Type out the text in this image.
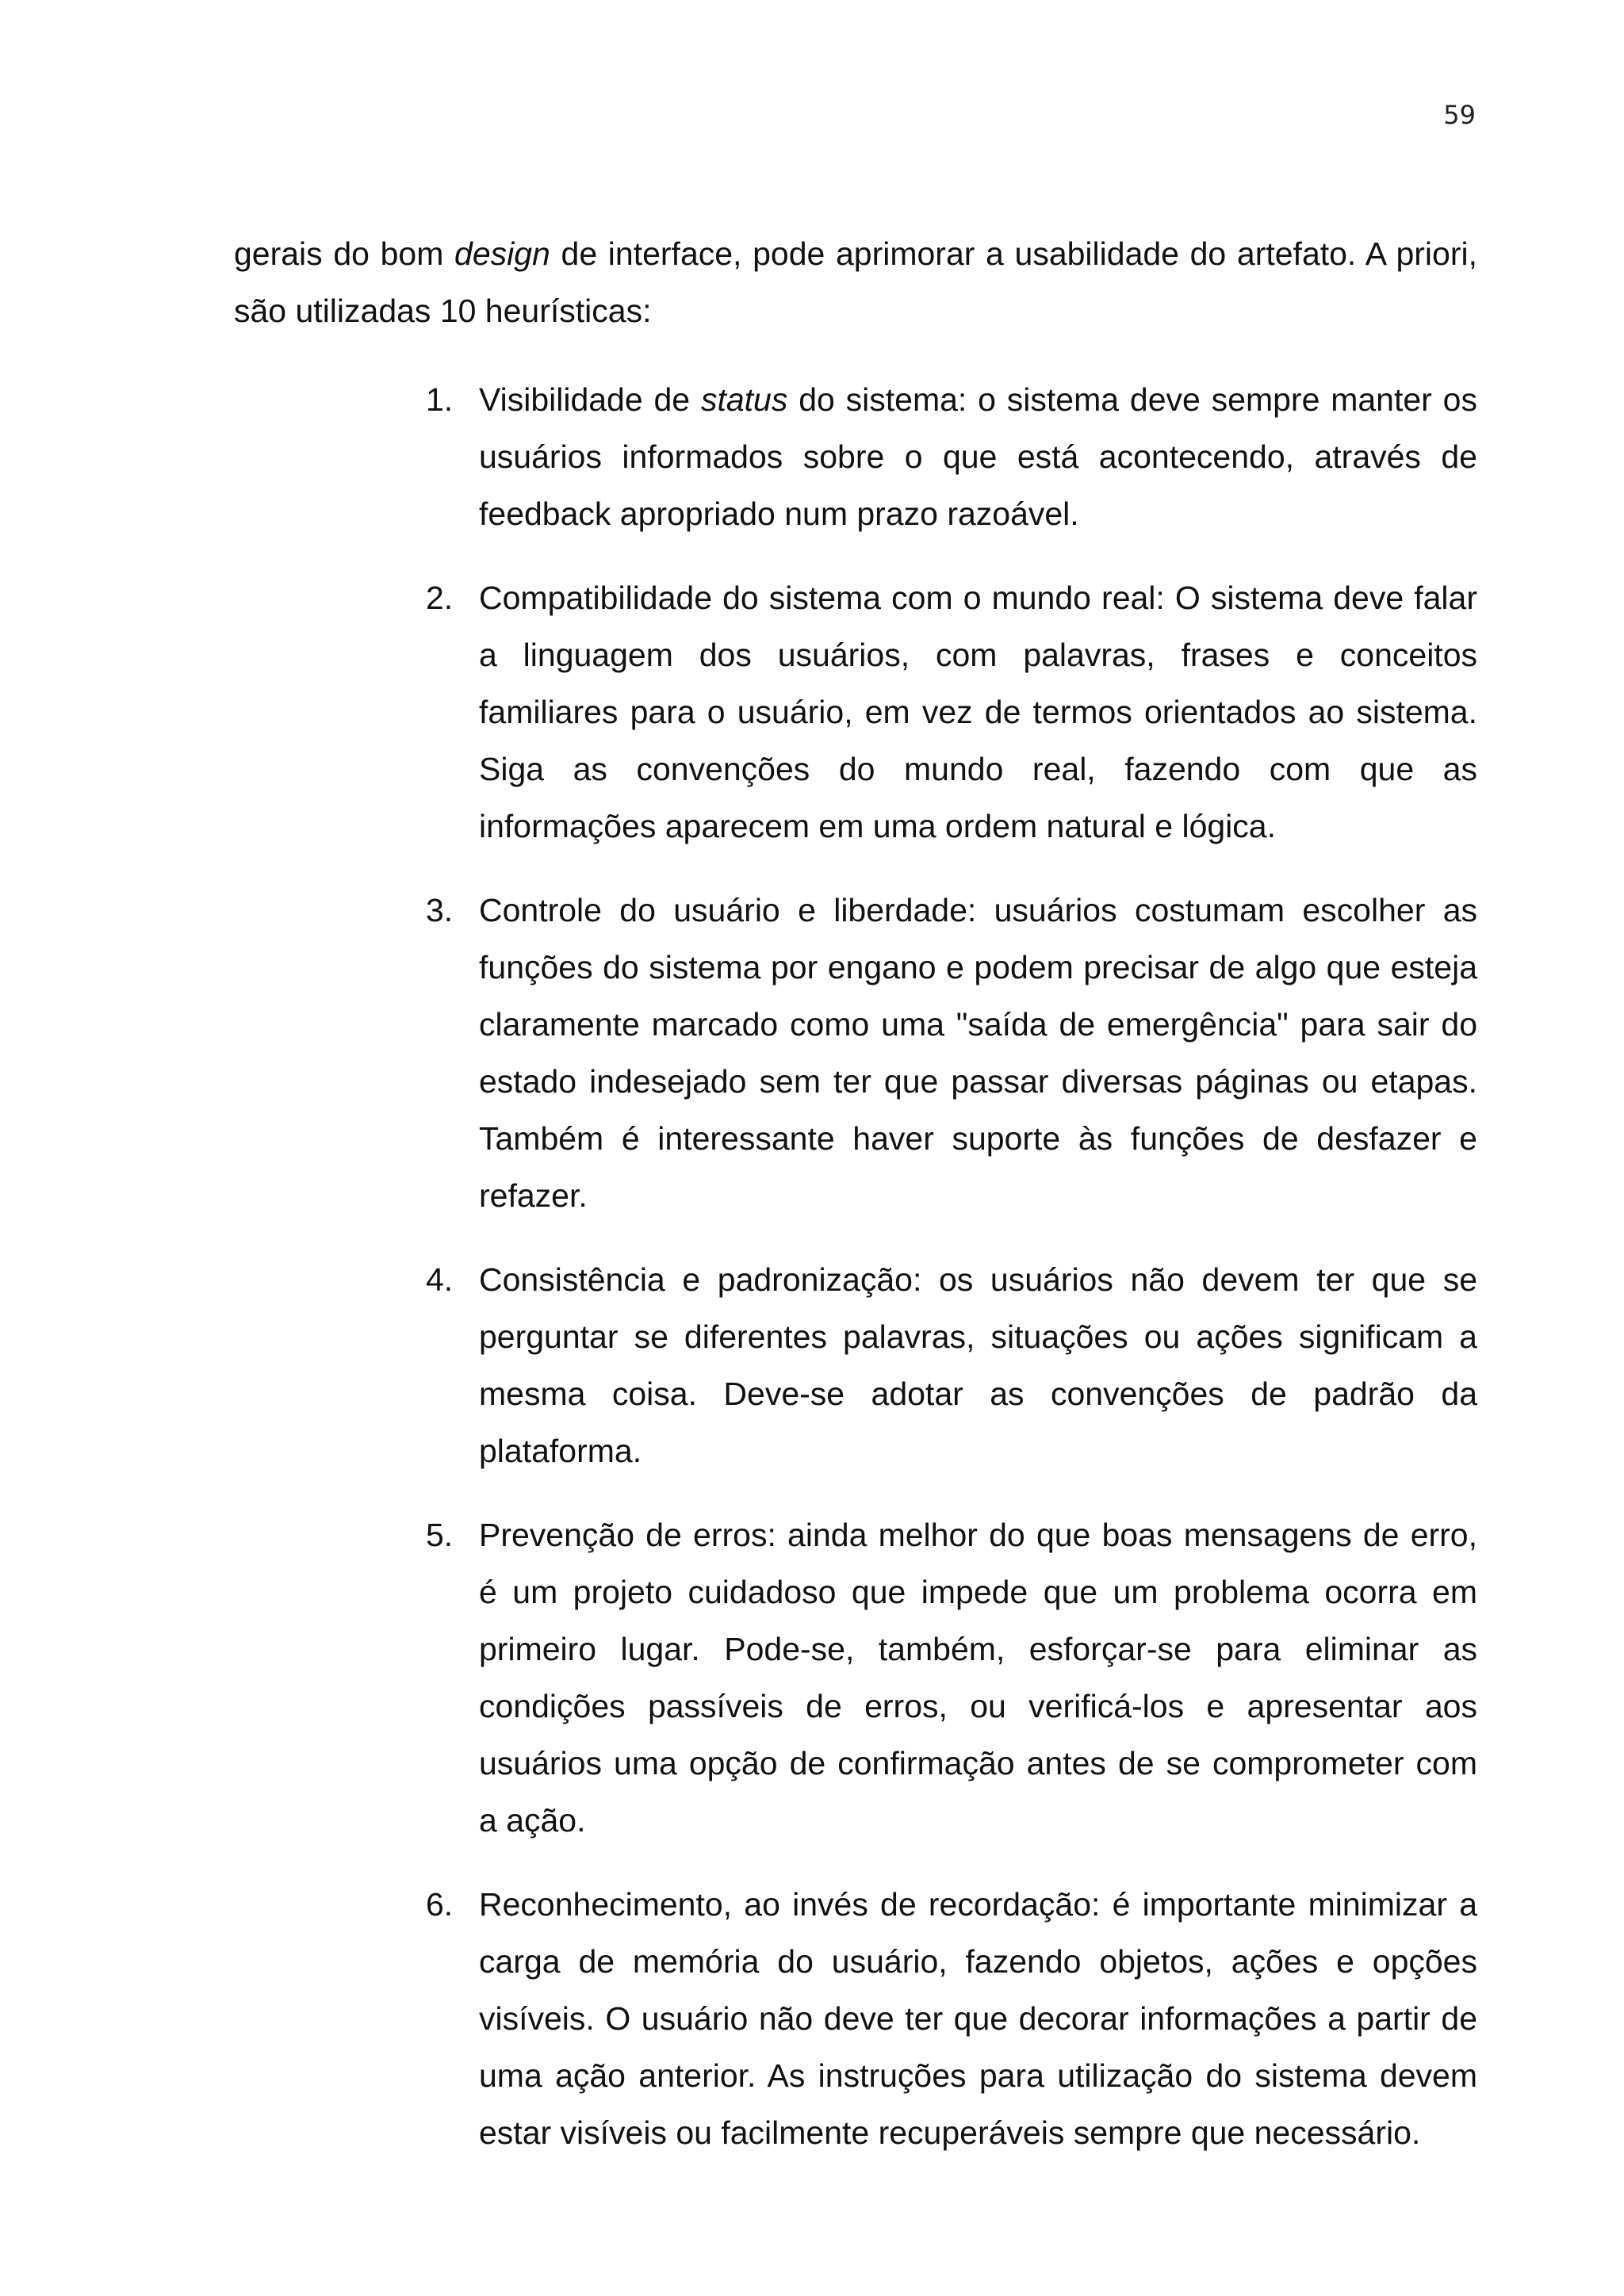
59

gerais do bom design de interface, pode aprimorar a usabilidade do artefato. A priori, são utilizadas 10 heurísticas:

1. Visibilidade de status do sistema: o sistema deve sempre manter os usuários informados sobre o que está acontecendo, através de feedback apropriado num prazo razoável.
2. Compatibilidade do sistema com o mundo real: O sistema deve falar a linguagem dos usuários, com palavras, frases e conceitos familiares para o usuário, em vez de termos orientados ao sistema. Siga as convenções do mundo real, fazendo com que as informações aparecem em uma ordem natural e lógica.
3. Controle do usuário e liberdade: usuários costumam escolher as funções do sistema por engano e podem precisar de algo que esteja claramente marcado como uma "saída de emergência" para sair do estado indesejado sem ter que passar diversas páginas ou etapas. Também é interessante haver suporte às funções de desfazer e refazer.
4. Consistência e padronização: os usuários não devem ter que se perguntar se diferentes palavras, situações ou ações significam a mesma coisa. Deve-se adotar as convenções de padrão da plataforma.
5. Prevenção de erros: ainda melhor do que boas mensagens de erro, é um projeto cuidadoso que impede que um problema ocorra em primeiro lugar. Pode-se, também, esforçar-se para eliminar as condições passíveis de erros, ou verificá-los e apresentar aos usuários uma opção de confirmação antes de se comprometer com a ação.
6. Reconhecimento, ao invés de recordação: é importante minimizar a carga de memória do usuário, fazendo objetos, ações e opções visíveis. O usuário não deve ter que decorar informações a partir de uma ação anterior. As instruções para utilização do sistema devem estar visíveis ou facilmente recuperáveis sempre que necessário.
